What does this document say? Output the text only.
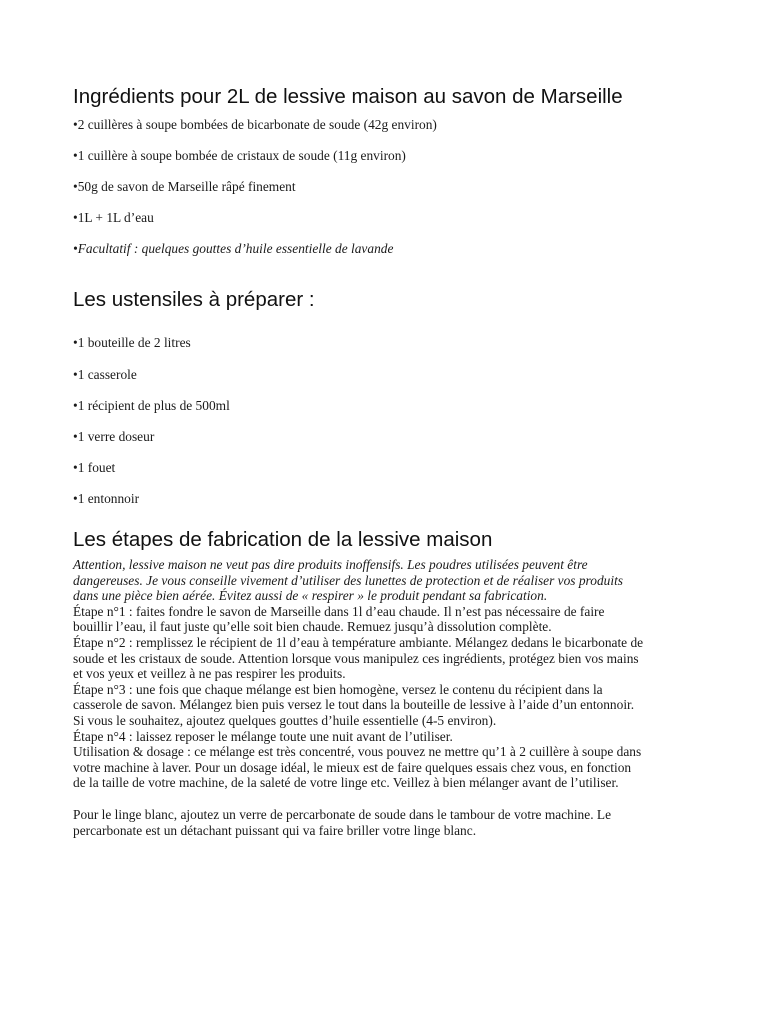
Ingrédients pour 2L de lessive maison au savon de Marseille
•2 cuillères à soupe bombées de bicarbonate de soude (42g environ)
•1 cuillère à soupe bombée de cristaux de soude (11g environ)
•50g de savon de Marseille râpé finement
•1L + 1L d’eau
•Facultatif : quelques gouttes d’huile essentielle de lavande
Les ustensiles à préparer :
•1 bouteille de 2 litres
•1 casserole
•1 récipient de plus de 500ml
•1 verre doseur
•1 fouet
•1 entonnoir
Les étapes de fabrication de la lessive maison

Attention, lessive maison ne veut pas dire produits inoffensifs. Les poudres utilisées peuvent être

dangereuses. Je vous conseille vivement d’utiliser des lunettes de protection et de réaliser vos produits

dans une pièce bien aérée. Évitez aussi de « respirer » le produit pendant sa fabrication.

Étape n°1 : faites fondre le savon de Marseille dans 1l d’eau chaude. Il n’est pas nécessaire de faire

bouillir l’eau, il faut juste qu’elle soit bien chaude. Remuez jusqu’à dissolution complète.

Étape n°2 : remplissez le récipient de 1l d’eau à température ambiante. Mélangez dedans le bicarbonate de

soude et les cristaux de soude. Attention lorsque vous manipulez ces ingrédients, protégez bien vos mains

et vos yeux et veillez à ne pas respirer les produits.

Étape n°3 : une fois que chaque mélange est bien homogène, versez le contenu du récipient dans la

casserole de savon. Mélangez bien puis versez le tout dans la bouteille de lessive à l’aide d’un entonnoir.

Si vous le souhaitez, ajoutez quelques gouttes d’huile essentielle (4-5 environ).

Étape n°4 : laissez reposer le mélange toute une nuit avant de l’utiliser.

Utilisation & dosage : ce mélange est très concentré, vous pouvez ne mettre qu’1 à 2 cuillère à soupe dans

votre machine à laver. Pour un dosage idéal, le mieux est de faire quelques essais chez vous, en fonction

de la taille de votre machine, de la saleté de votre linge etc. Veillez à bien mélanger avant de l’utiliser.

Pour le linge blanc, ajoutez un verre de percarbonate de soude dans le tambour de votre machine. Le

percarbonate est un détachant puissant qui va faire briller votre linge blanc.
